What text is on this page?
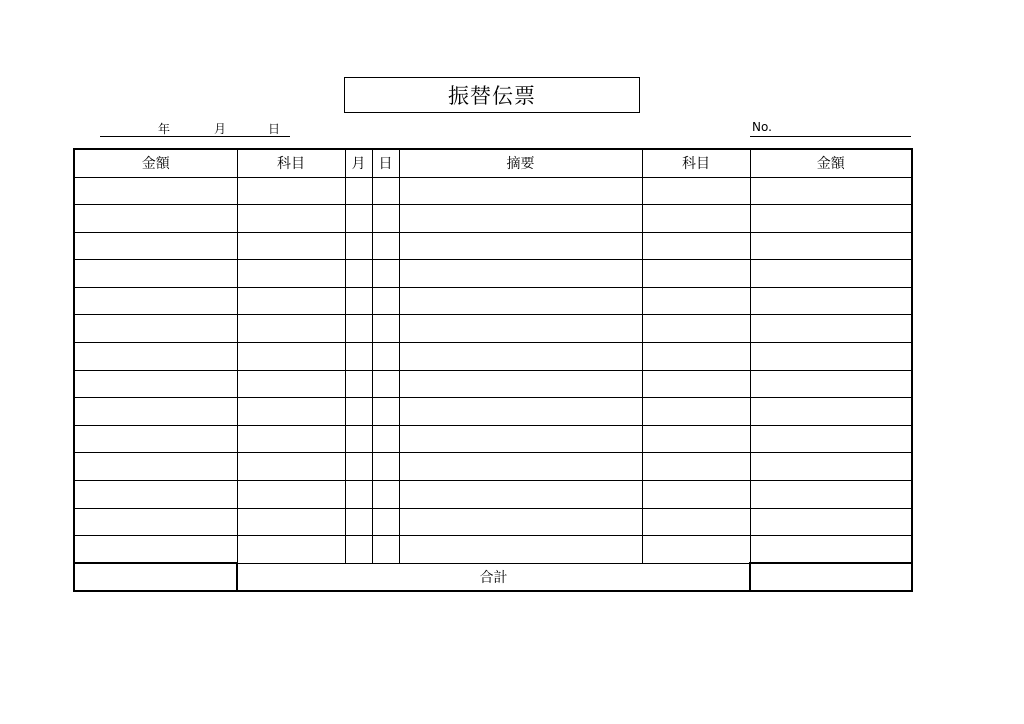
振替伝票
年	月	日	No.
金額	科目	月	日	摘要	科目	金額

	合計					
